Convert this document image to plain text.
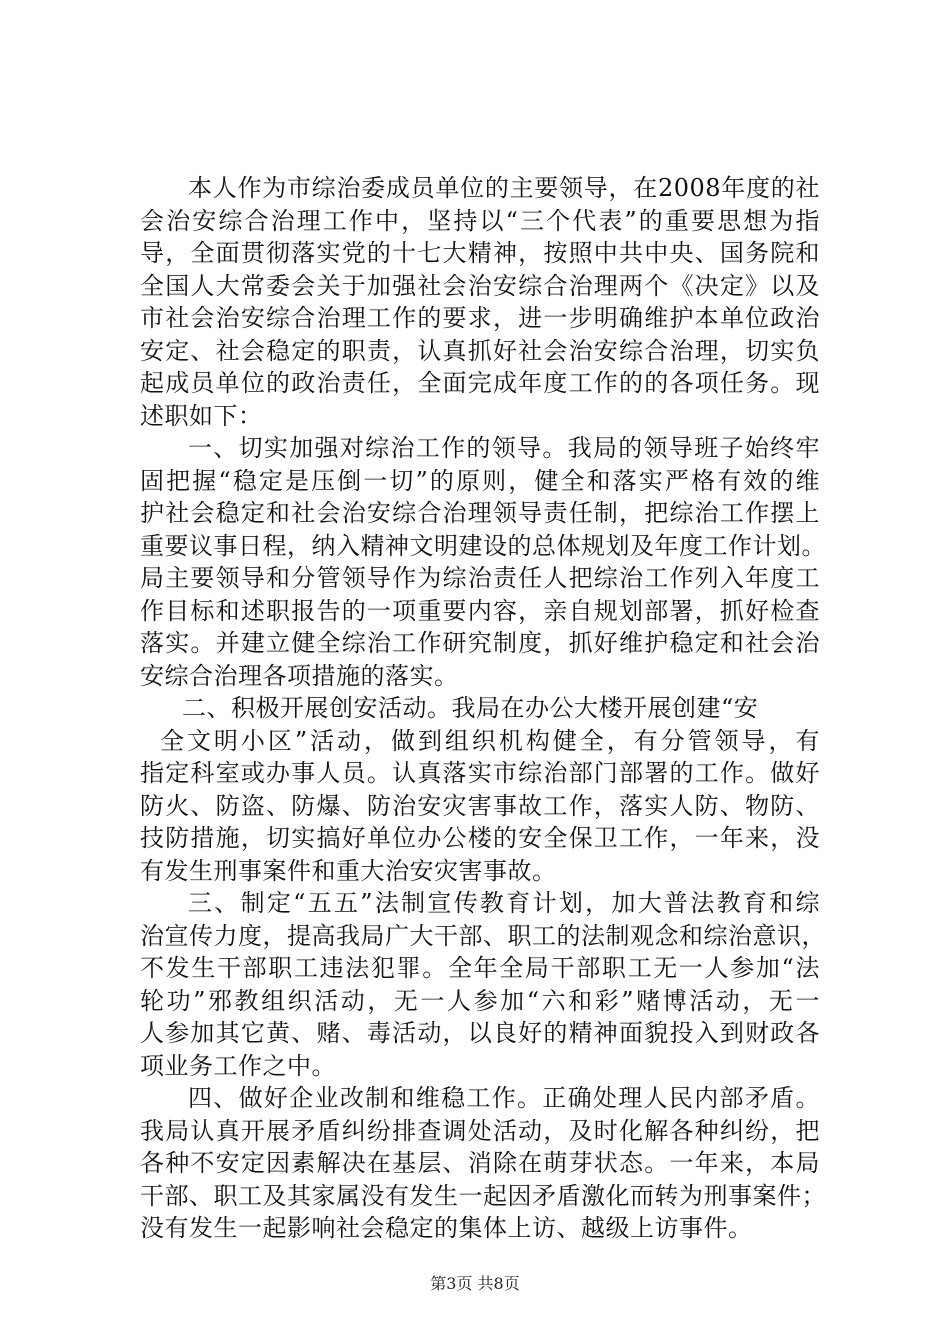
本人作为市综治委成员单位的主要领导，在2008年度的社
会治安综合治理工作中，坚持以“三个代表”的重要思想为指
导，全面贯彻落实党的十七大精神，按照中共中央、国务院和
全国人大常委会关于加强社会治安综合治理两个《决定》以及
市社会治安综合治理工作的要求，进一步明确维护本单位政治
安定、社会稳定的职责，认真抓好社会治安综合治理，切实负
起成员单位的政治责任，全面完成年度工作的的各项任务。现
述职如下：
一、切实加强对综治工作的领导。我局的领导班子始终牢
固把握“稳定是压倒一切”的原则，健全和落实严格有效的维
护社会稳定和社会治安综合治理领导责任制，把综治工作摆上
重要议事日程，纳入精神文明建设的总体规划及年度工作计划。
局主要领导和分管领导作为综治责任人把综治工作列入年度工
作目标和述职报告的一项重要内容，亲自规划部署，抓好检查
落实。并建立健全综治工作研究制度，抓好维护稳定和社会治
安综合治理各项措施的落实。
二、积极开展创安活动。我局在办公大楼开展创建“安
全文明小区”活动，做到组织机构健全，有分管领导，有
指定科室或办事人员。认真落实市综治部门部署的工作。做好
防火、防盗、防爆、防治安灾害事故工作，落实人防、物防、
技防措施，切实搞好单位办公楼的安全保卫工作，一年来，没
有发生刑事案件和重大治安灾害事故。
三、制定“五五”法制宣传教育计划，加大普法教育和综
治宣传力度，提高我局广大干部、职工的法制观念和综治意识，
不发生干部职工违法犯罪。全年全局干部职工无一人参加“法
轮功”邪教组织活动，无一人参加“六和彩”赌博活动，无一
人参加其它黄、赌、毒活动，以良好的精神面貌投入到财政各
项业务工作之中。
四、做好企业改制和维稳工作。正确处理人民内部矛盾。
我局认真开展矛盾纠纷排查调处活动，及时化解各种纠纷，把
各种不安定因素解决在基层、消除在萌芽状态。一年来，本局
干部、职工及其家属没有发生一起因矛盾激化而转为刑事案件；
没有发生一起影响社会稳定的集体上访、越级上访事件。
第3页 共8页
